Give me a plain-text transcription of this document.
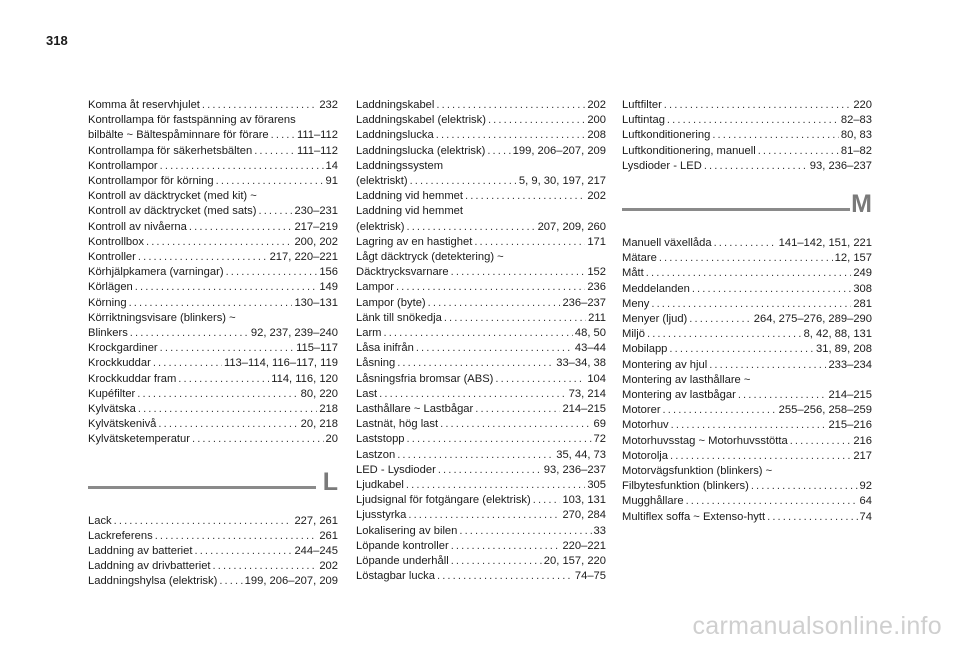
318
Komma åt reservhjulet . . .	232
Kontrollampa för fastspänning av förarens
bilbälte ~ Bältespåminnare för förare . . .	111–112
Kontrollampa för säkerhetsbälten . . .	111–112
Kontrollampor . . .	14
Kontrollampor för körning . . .	91
Kontroll av däcktrycket (med kit) ~
Kontroll av däcktrycket (med sats) . . .	230–231
Kontroll av nivåerna . . .	217–219
Kontrollbox . . .	200, 202
Kontroller . . .	217, 220–221
Körhjälpkamera (varningar) . . .	156
Körlägen . . .	149
Körning . . .	130–131
Körriktningsvisare (blinkers) ~
Blinkers . . .	92, 237, 239–240
Krockgardiner . . .	115–117
Krockkuddar . . .	113–114, 116–117, 119
Krockkuddar fram . . .	114, 116, 120
Kupéfilter . . .	80, 220
Kylvätska . . .	218
Kylvätskenivå . . .	20, 218
Kylvätsketemperatur . . .	20
L
Lack . . .	227, 261
Lackreferens . . .	261
Laddning av batteriet . . .	244–245
Laddning av drivbatteriet . . .	202
Laddningshylsa (elektrisk) . . . 199, 206–207, 209
Laddningskabel . . .	202
Laddningskabel (elektrisk) . . .	200
Laddningslucka . . .	208
Laddningslucka (elektrisk) . . . 199, 206–207, 209
Laddningssystem
(elektriskt) . . .	5, 9, 30, 197, 217
Laddning vid hemmet . . .	202
Laddning vid hemmet
(elektrisk) . . .	207, 209, 260
Lagring av en hastighet . . .	171
Lågt däcktryck (detektering) ~
Däcktrycksvarnare . . .	152
Lampor . . .	236
Lampor (byte) . . .	236–237
Länk till snökedja . . .	211
Larm . . .	48, 50
Låsa inifrån . . .	43–44
Låsning . . .	33–34, 38
Låsningsfria bromsar (ABS) . . .	104
Last . . .	73, 214
Lasthållare ~ Lastbågar . . .	214–215
Lastnät, hög last . . .	69
Laststopp . . .	72
Lastzon . . .	35, 44, 73
LED - Lysdioder . . .	93, 236–237
Ljudkabel . . .	305
Ljudsignal för fotgängare (elektrisk) . . .	103, 131
Ljusstyrka . . .	270, 284
Lokalisering av bilen . . .	33
Löpande kontroller . . .	220–221
Löpande underhåll . . .	20, 157, 220
Löstagbar lucka . . .	74–75
Luftfilter . . .	220
Luftintag . . .	82–83
Luftkonditionering . . .	80, 83
Luftkonditionering, manuell . . .	81–82
Lysdioder - LED . . .	93, 236–237
M
Manuell växellåda . . .	141–142, 151, 221
Mätare . . .	12, 157
Mått . . .	249
Meddelanden . . .	308
Meny . . .	281
Menyer (ljud) . . .	264, 275–276, 289–290
Miljö . . .	8, 42, 88, 131
Mobilapp . . .	31, 89, 208
Montering av hjul . . .	233–234
Montering av lasthållare ~
Montering av lastbågar . . .	214–215
Motorer . . .	255–256, 258–259
Motorhuv . . .	215–216
Motorhuvsstag ~ Motorhuvsstötta . . .	216
Motorolja . . .	217
Motorvägsfunktion (blinkers) ~
Filbytesfunktion (blinkers) . . .	92
Mugghållare . . .	64
Multiflex soffa ~ Extenso-hytt . . .	74
carmanualsonline.info
